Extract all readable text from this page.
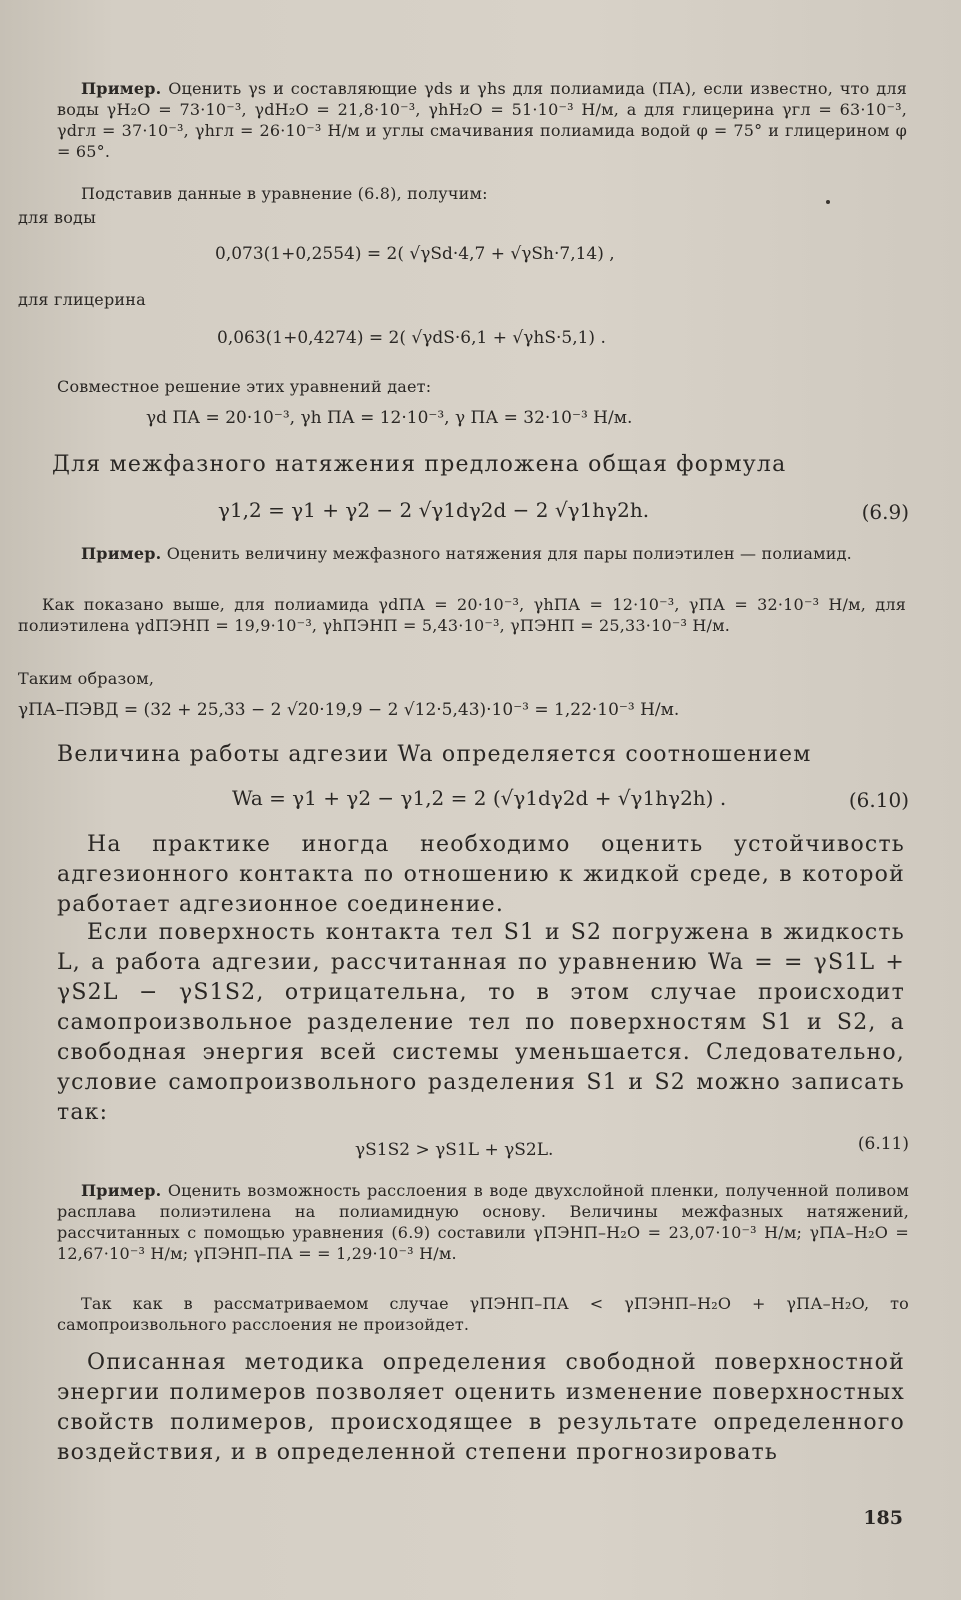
Пример. Оценить γs и составляющие γds и γhs для полиамида (ПА), если известно, что для воды γH₂O = 73·10⁻³, γdH₂O = 21,8·10⁻³, γhH₂O = 51·10⁻³ Н/м, а для глицерина γгл = 63·10⁻³, γdгл = 37·10⁻³, γhгл = 26·10⁻³ Н/м и углы смачивания полиамида водой φ = 75° и глицерином φ = 65°.

Подставив данные в уравнение (6.8), получим:

для воды

0,073(1+0,2554) = 2( √γSd·4,7 + √γSh·7,14) ,

для глицерина

0,063(1+0,4274) = 2( √γdS·6,1 + √γhS·5,1) .

Совместное решение этих уравнений дает:

γd ПА = 20·10⁻³, γh ПА = 12·10⁻³, γ ПА = 32·10⁻³ Н/м.

Для межфазного натяжения предложена общая формула

γ1,2 = γ1 + γ2 − 2 √γ1dγ2d − 2 √γ1hγ2h.	(6.9)

Пример. Оценить величину межфазного натяжения для пары полиэтилен — полиамид.

Как показано выше, для полиамида γdПА = 20·10⁻³, γhПА = 12·10⁻³, γПА = 32·10⁻³ Н/м, для полиэтилена γdПЭНП = 19,9·10⁻³, γhПЭНП = 5,43·10⁻³, γПЭНП = 25,33·10⁻³ Н/м.

Таким образом,

γПА–ПЭВД = (32 + 25,33 − 2 √20·19,9 − 2 √12·5,43)·10⁻³ = 1,22·10⁻³ Н/м.

Величина работы адгезии Wa определяется соотношением

Wa = γ1 + γ2 − γ1,2 = 2 (√γ1dγ2d + √γ1hγ2h) .	(6.10)

На практике иногда необходимо оценить устойчивость адгезионного контакта по отношению к жидкой среде, в которой работает адгезионное соединение.

Если поверхность контакта тел S1 и S2 погружена в жидкость L, а работа адгезии, рассчитанная по уравнению Wa = = γS1L + γS2L − γS1S2, отрицательна, то в этом случае происходит самопроизвольное разделение тел по поверхностям S1 и S2, а свободная энергия всей системы уменьшается. Следовательно, условие самопроизвольного разделения S1 и S2 можно записать так:

γS1S2 > γS1L + γS2L.	(6.11)

Пример. Оценить возможность расслоения в воде двухслойной пленки, полученной поливом расплава полиэтилена на полиамидную основу. Величины межфазных натяжений, рассчитанных с помощью уравнения (6.9) составили γПЭНП–H₂O = 23,07·10⁻³ Н/м; γПА–H₂O = 12,67·10⁻³ Н/м; γПЭНП–ПА = = 1,29·10⁻³ Н/м.

Так как в рассматриваемом случае γПЭНП–ПА < γПЭНП–H₂O + γПА–H₂O, то самопроизвольного расслоения не произойдет.

Описанная методика определения свободной поверхностной энергии полимеров позволяет оценить изменение поверхностных свойств полимеров, происходящее в результате определенного воздействия, и в определенной степени прогнозировать

185
